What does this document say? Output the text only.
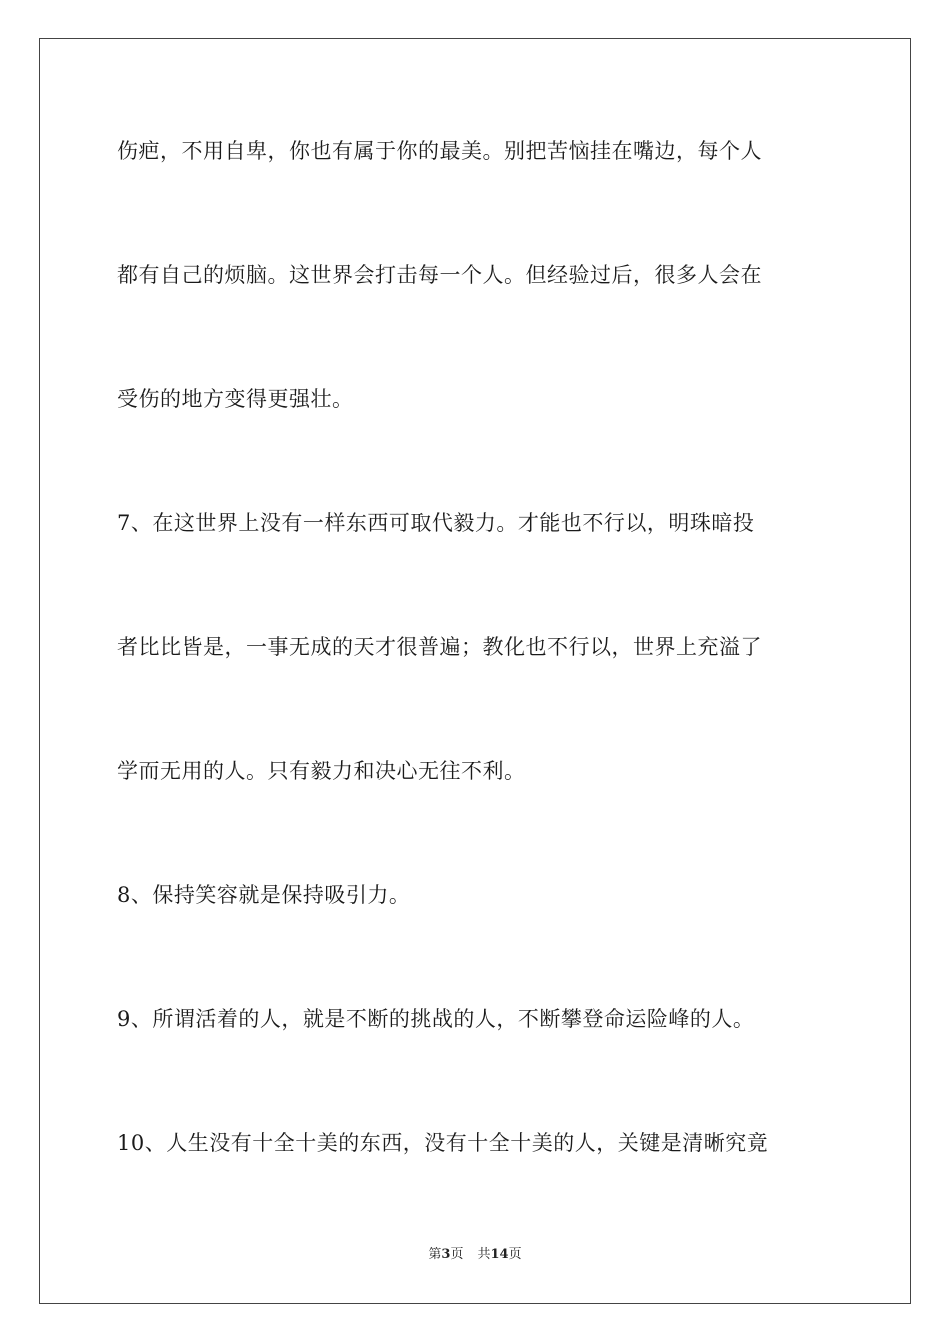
伤疤，不用自卑，你也有属于你的最美。别把苦恼挂在嘴边，每个人
都有自己的烦脑。这世界会打击每一个人。但经验过后，很多人会在
受伤的地方变得更强壮。
7、在这世界上没有一样东西可取代毅力。才能也不行以，明珠暗投
者比比皆是，一事无成的天才很普遍；教化也不行以，世界上充溢了
学而无用的人。只有毅力和决心无往不利。
8、保持笑容就是保持吸引力。
9、所谓活着的人，就是不断的挑战的人，不断攀登命运险峰的人。
10、人生没有十全十美的东西，没有十全十美的人，关键是清晰究竟
第3页 共14页
